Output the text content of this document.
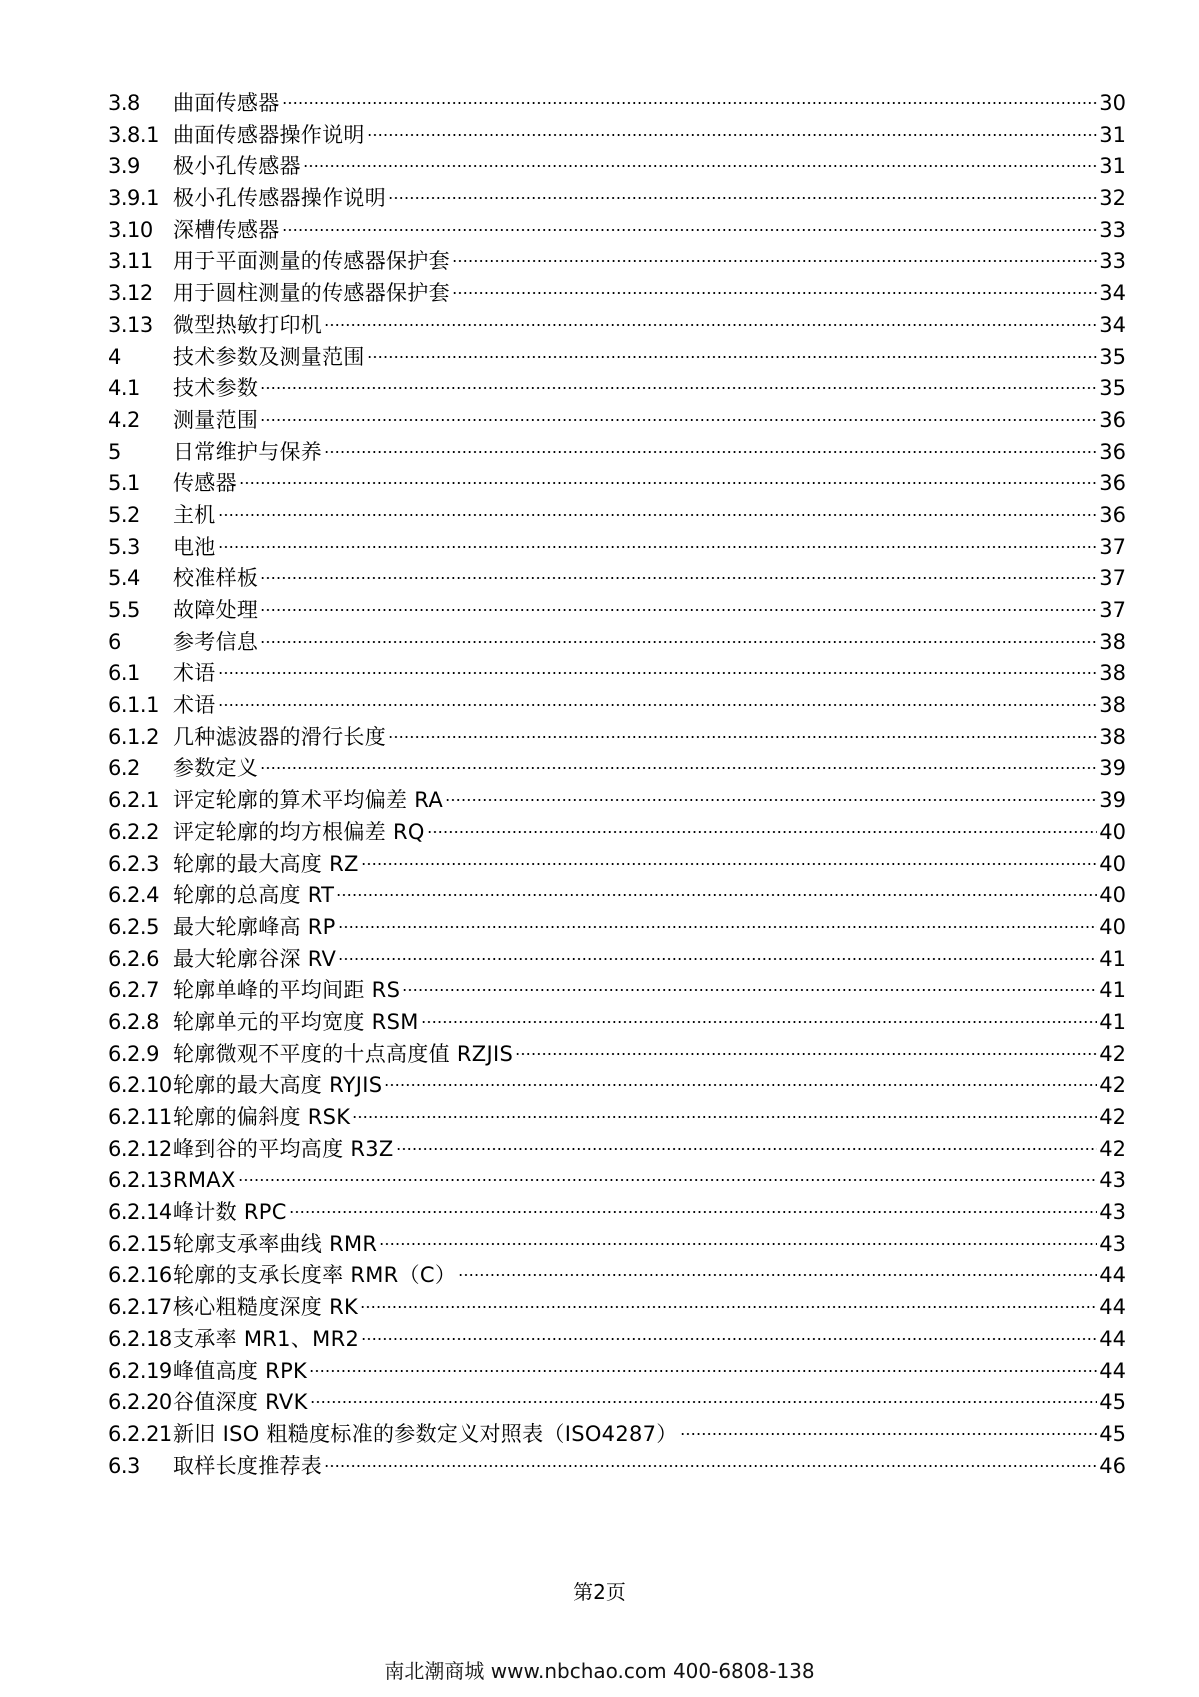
3.8	曲面传感器	30
3.8.1 曲面传感器操作说明	31
3.9	极小孔传感器	31
3.9.1 极小孔传感器操作说明	32
3.10 深槽传感器	33
3.11 用于平面测量的传感器保护套	33
3.12 用于圆柱测量的传感器保护套	34
3.13 微型热敏打印机	34
4	技术参数及测量范围	35
4.1	技术参数	35
4.2	测量范围	36
5	日常维护与保养	36
5.1	传感器	36
5.2	主机	36
5.3	电池	37
5.4	校准样板	37
5.5	故障处理	37
6	参考信息	38
6.1	术语	38
6.1.1 术语	38
6.1.2 几种滤波器的滑行长度	38
6.2	参数定义	39
6.2.1 评定轮廓的算术平均偏差 RA	39
6.2.2 评定轮廓的均方根偏差 RQ	40
6.2.3 轮廓的最大高度 RZ	40
6.2.4 轮廓的总高度 RT	40
6.2.5 最大轮廓峰高 RP	40
6.2.6 最大轮廓谷深 RV	41
6.2.7 轮廓单峰的平均间距 RS	41
6.2.8 轮廓单元的平均宽度 RSM	41
6.2.9 轮廓微观不平度的十点高度值 RZJIS	42
6.2.10 轮廓的最大高度 RYJIS	42
6.2.11 轮廓的偏斜度 RSK	42
6.2.12 峰到谷的平均高度 R3Z	42
6.2.13 RMAX	43
6.2.14 峰计数 RPC	43
6.2.15 轮廓支承率曲线 RMR	43
6.2.16 轮廓的支承长度率 RMR（C）	44
6.2.17 核心粗糙度深度 RK	44
6.2.18 支承率 MR1、MR2	44
6.2.19 峰值高度 RPK	44
6.2.20 谷值深度 RVK	45
6.2.21 新旧 ISO 粗糙度标准的参数定义对照表（ISO4287）	45
6.3	取样长度推荐表	46
第2页
南北潮商城 www.nbchao.com 400-6808-138
